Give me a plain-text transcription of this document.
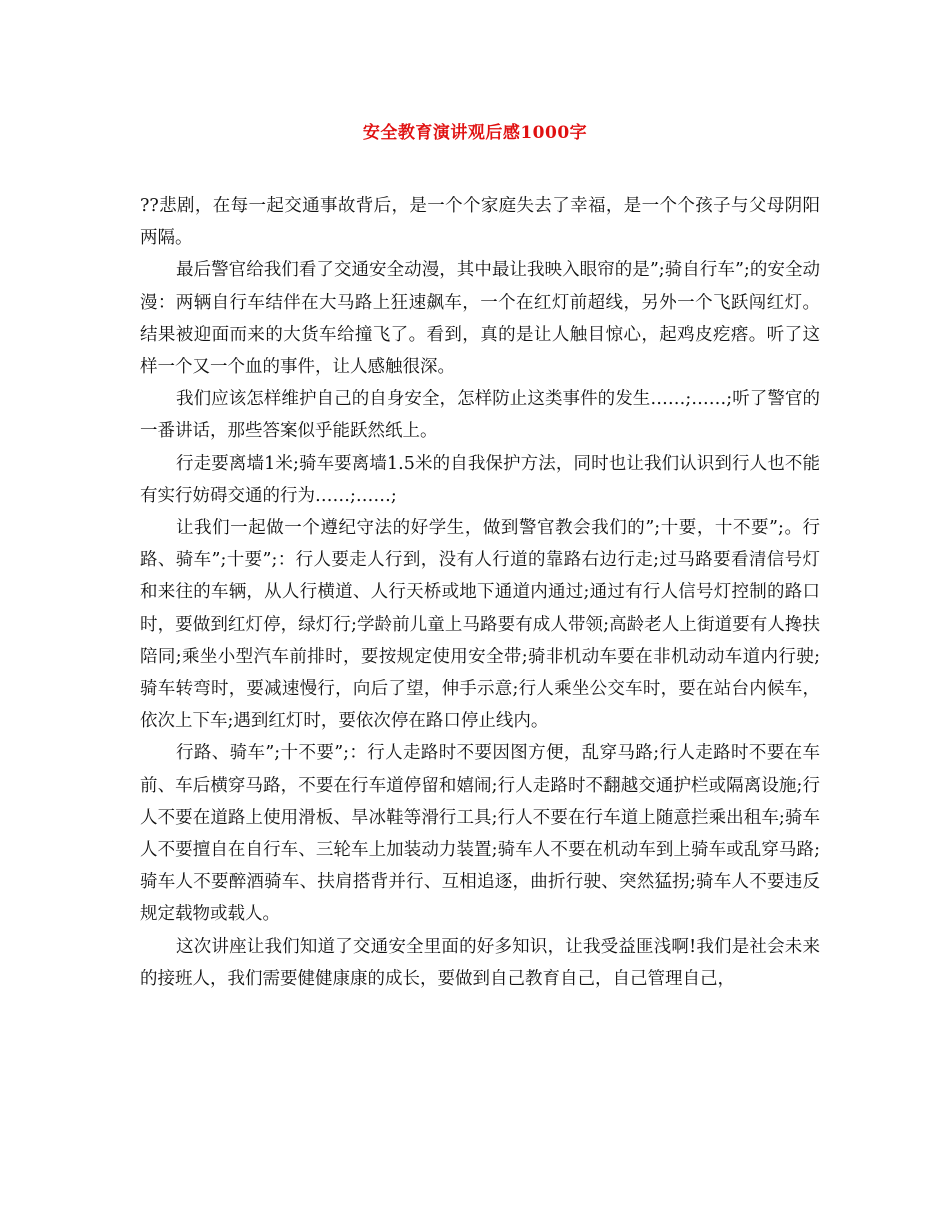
安全教育演讲观后感1000字

??悲剧，在每一起交通事故背后，是一个个家庭失去了幸福，是一个个孩子与父母阴阳两隔。

最后警官给我们看了交通安全动漫，其中最让我映入眼帘的是”;骑自行车”;的安全动漫：两辆自行车结伴在大马路上狂速飙车，一个在红灯前超线，另外一个飞跃闯红灯。结果被迎面而来的大货车给撞飞了。看到，真的是让人触目惊心，起鸡皮疙瘩。听了这样一个又一个血的事件，让人感触很深。

我们应该怎样维护自己的自身安全，怎样防止这类事件的发生……;……;听了警官的一番讲话，那些答案似乎能跃然纸上。

行走要离墙1米;骑车要离墙1.5米的自我保护方法，同时也让我们认识到行人也不能有实行妨碍交通的行为……;……;

让我们一起做一个遵纪守法的好学生，做到警官教会我们的”;十要，十不要”;。行路、骑车”;十要”;：行人要走人行到，没有人行道的靠路右边行走;过马路要看清信号灯和来往的车辆，从人行横道、人行天桥或地下通道内通过;通过有行人信号灯控制的路口时，要做到红灯停，绿灯行;学龄前儿童上马路要有成人带领;高龄老人上街道要有人搀扶陪同;乘坐小型汽车前排时，要按规定使用安全带;骑非机动车要在非机动动车道内行驶;骑车转弯时，要减速慢行，向后了望，伸手示意;行人乘坐公交车时，要在站台内候车，依次上下车;遇到红灯时，要依次停在路口停止线内。

行路、骑车”;十不要”;：行人走路时不要因图方便，乱穿马路;行人走路时不要在车前、车后横穿马路，不要在行车道停留和嬉闹;行人走路时不翻越交通护栏或隔离设施;行人不要在道路上使用滑板、旱冰鞋等滑行工具;行人不要在行车道上随意拦乘出租车;骑车人不要擅自在自行车、三轮车上加装动力装置;骑车人不要在机动车到上骑车或乱穿马路;骑车人不要醉酒骑车、扶肩搭背并行、互相追逐，曲折行驶、突然猛拐;骑车人不要违反规定载物或载人。

这次讲座让我们知道了交通安全里面的好多知识，让我受益匪浅啊!我们是社会未来的接班人，我们需要健健康康的成长，要做到自己教育自己，自己管理自己，
